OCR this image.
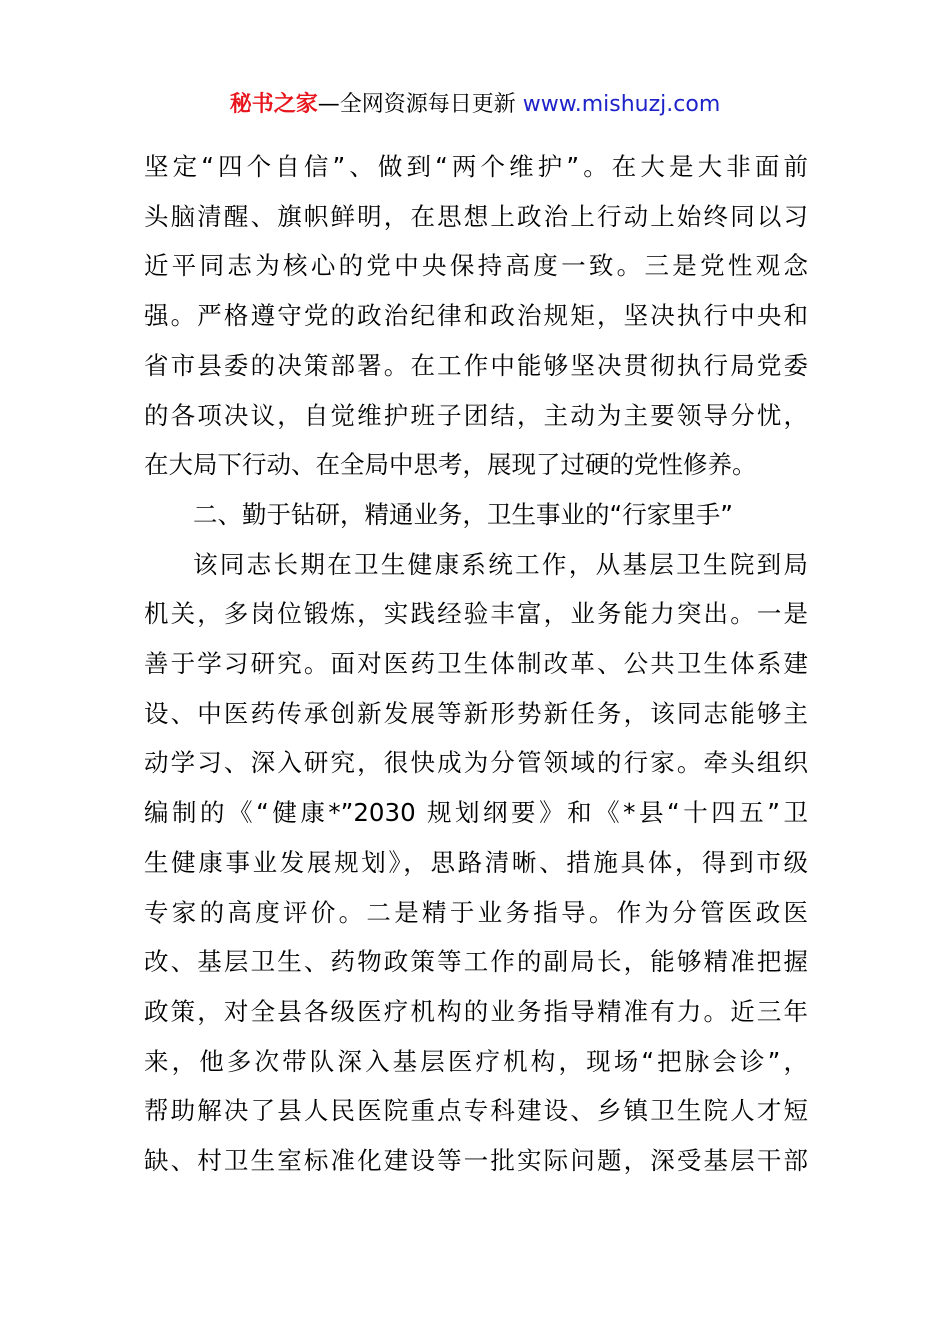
秘书之家—全网资源每日更新 www.mishuzj.com
坚定“四个自信”、做到“两个维护”。在大是大非面前
头脑清醒、旗帜鲜明，在思想上政治上行动上始终同以习
近平同志为核心的党中央保持高度一致。三是党性观念
强。严格遵守党的政治纪律和政治规矩，坚决执行中央和
省市县委的决策部署。在工作中能够坚决贯彻执行局党委
的各项决议，自觉维护班子团结，主动为主要领导分忧，
在大局下行动、在全局中思考，展现了过硬的党性修养。
二、勤于钻研，精通业务，卫生事业的“行家里手”
该同志长期在卫生健康系统工作，从基层卫生院到局
机关，多岗位锻炼，实践经验丰富，业务能力突出。一是
善于学习研究。面对医药卫生体制改革、公共卫生体系建
设、中医药传承创新发展等新形势新任务，该同志能够主
动学习、深入研究，很快成为分管领域的行家。牵头组织
编制的《“健康*”2030 规划纲要》和《*县“十四五”卫
生健康事业发展规划》，思路清晰、措施具体，得到市级
专家的高度评价。二是精于业务指导。作为分管医政医
改、基层卫生、药物政策等工作的副局长，能够精准把握
政策，对全县各级医疗机构的业务指导精准有力。近三年
来，他多次带队深入基层医疗机构，现场“把脉会诊”，
帮助解决了县人民医院重点专科建设、乡镇卫生院人才短
缺、村卫生室标准化建设等一批实际问题，深受基层干部
